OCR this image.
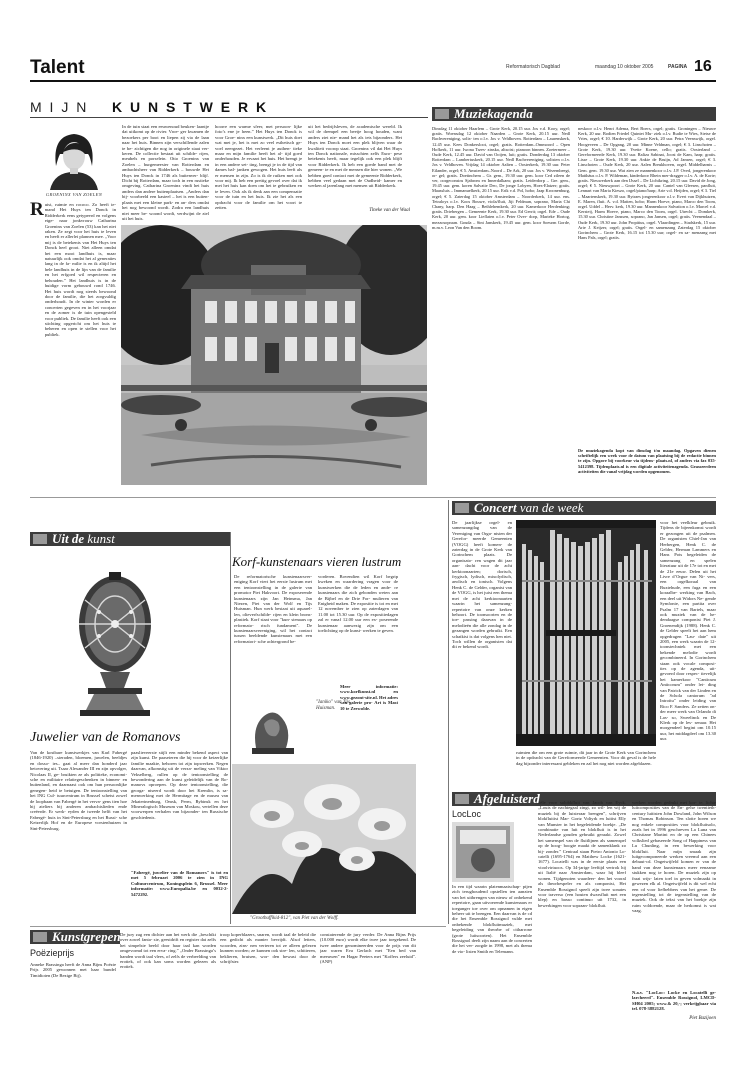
Talent	Reformatorisch Dagblad	maandag 10 oktober 2005	PAGINA 16
M I J N K U N S T W E R K
GROENINX VAN ZOELEN
R uist, ruimte en rococo. Zo heeft ie- mand Het Huys ten Donck in Ridderkerk eens getypeerd en volgens eige- naar jonkvrouw Catharina Groeninx van Zoelen (53) kan het niet raken. Ze zegt voor het huis te leven en heeft er allerlei plannen mee. „Voor mij is de betekenis van Het Huys ten Donck heel groot. Niet alleen omdat het een mooi landhuis is, maar natuurlijk ook omdat het al generaties lang in de fa- milie is en ik altijd het hele landhuis in de lijn van de familie en het erfgoed wil respecteren en behouden.” Het landhuis is in de huidige vorm gebouwd rond 1746. Het huis wordt nog steeds bewoond door de familie, die het zorgvuldig onderhoudt. In de winter worden er concerten gegeven en in het voorjaar en de zomer is de tuin opengesteld voor publiek. De familie heeft ook een stichting opgericht om het huis te beheren en open te stellen voor het publiek.
In de tuin staat een eeuwenoud beuken- laantje dat uitkomt op de rivier. Vroe- ger kwamen de bezoekers per boot en liepen zij via de laan naar het huis. Binnen zijn verschillende zalen te be- zichtigen die nog in originele staat ver- keren. De collectie bestaat uit schilde- rijen, meubels en porselein. Otto Groeninx van Zoelen – burgemeester van Rotterdam en ambachtsheer van Ridderkerk – bouwde Het Huys ten Donck in 1746 als buitenver- blijf. Dicht bij Rotterdam, maar toch in een rustieke omgeving. Catharina Groeninx vindt het huis anders dan andere buitenplaatsen. „Anders dan bij- voorbeeld een kasteel – het is een buiten- plaats met een kleine park- en an- ders omdat het nog bewoond wordt. Zodra een landhuis niet meer be- woond wordt, verdwijnt de ziel uit het huis.
hoorre een warme sfeer, met persoon- lijke foto’s ene je heen.” Het Huys ten Donck is voor Groe- ninx een kunstwerk. „Dit huis doet wat met je, het is met zo veel esthetisch ge- voel neergezet. Het verleent je authen- tieke maar en mijn familie heeft het al- tijd goed onderhouden. Je ervaart het huis. Het brengt je in een andere set- ting, brengt je in de tijd van dames bal- janken gewogen. Het huis leeft als er mensen in zijn. Zo is ik de ruiken met ook voor mij. Ik heb een prettig gevoel over dat ik met het huis kan doen om het te gebruiken en te leven. Ook als ik denk aan een compensatie voor de tuin en het huis. Ik zie het als een opdracht voor de familie om het voort te zetten.
uit het bedrijfsleven, de academische wereld. Ik wil de drempel een beetje hoog houden, want anders ziet nie- mand het als iets bijzonders. Het Huys ten Donck moet een plek blijven waar de kwaliteit voorop staat. Groeninx vil dat Het Huys ten Donck nationale, misschien zelfs Euro- pese betekenis heeft, maar tegelijk ook een plek blijft voor Ridderkerk. Ik heb een goede band met de gemeen- te en met de mensen die hier wonen. „We hebben goed contact met de gemeente Ridderkerk, hebben veel gedaan met de Oudheid- kamer en werken al jarenlang met mensen uit Ridderkerk.
Tineke van der Waal
Muziekagenda
Dinsdag 11 oktober Haarlem – Grote Kerk, 20.15 uur. Jos v.d. Kooy, orgel; gratis. Woensdag 12 oktober Naarden – Grote Kerk, 20.15 uur. Nedl Bachvereniging, solis- ten o.l.v. Jos v. Veldhoven. Rotterdam – Laurenskerk, 12.45 uur. Kees Donkersloot, orgel; gratis. Rotterdam–Ommoord – Open Hofkerk, 11 uur. Iwona Trzes- zinska, altsoist; pianoon binnen. Zoetermeer – Oude Kerk, 12.45 uur. David van Ooijen, luit; gratis. Donderdag 13 oktober Rotterdam – Lambertuskerk, 20.15 uur. Nedl Bachvereniging, solisten o.l.v. Jos v. Veldhoven. Vrijdag 14 oktober Aalten – Oosterkerk, 19.30 uur. Peter Eilander, orgel; € 5. Amsterdam–Noord – De Ark, 20 uur. Jos v. Wezembeegt, or- gel; gratis. Doetinchem – Gr. gem., 19.30 uur. gem. koor Ced zileen de ver, oorgeconstru Sjabrom en Innerdalkam; gratis. Leiderdorp – Gre. gem., 19.45 uur. gem. koren Salvatie Deo, De jonge Lobyen, Hoes-Elatzer; gratis. Maassluis – Immanuelkerk, 20.15 uur. Erik v.d. Pol, hobo; Jaap Kroonenburg, orgel; € 5. Zaterdag 15 oktober Amsterdam – Noorderkerk, 14 uur. ens. Tetraloys o.l.v. Koos Bouwe, viola/fluit, Jiji Feldman, soprano, Maria Chi Chany, harp. Den Haag – Bethlehemkerk, 20 uur. Kamerkoor Herdenking; gratis. Driebergen – Gemeente Kerk, 19.30 uur. Ed Gerrit; orgel. Ede – Oude Kerk, 20 uur. gem. koor Lieflaten o.l.v. Peter Over- dorp, Marieke Hortog, mezzosopraan. Gouda – Sint Janskerk, 19.45 uur. gem. koor Soeurm Gorde, m.m.v. Leon Van den Boom.
neskoor o.l.v. Henri Adema, Bert Boers, orgel; gratis. Groningen – Nieuwe Kerk, 20 uur. Bodien Friedel Quintet Mu- ziek o.l.v. Rudie te Wies, Sietse de Vries, orgel; € 10. Harderwijk – Grote Kerk, 20 uur. Petra Veenswijk, orgel. Hoogeveen – De Opgang, 20 uur. Minne Veldman, orgel; € 3. Linschoten – Grote Kerk, 19.30 uur. Yvette Koene, cello; gratis. Oosterland – Gereformeerde Kerk, 19.30 uur. Raliza Sabinat, Joost de Kam, harp; gratis. Lisse – Grote Kerk, 19.30 uur. Ankie de Bruijn, Ad Jansen, orgel; € 3. Linschoten – Oude Kerk, 20 uur. Aalen Breukhoven, orgel. Middelharnis – Gem. gem. 19.30 uur. Wat zien ze mannenkoor o.l.v. J.P. Oved, jongerenkoor Matthäus o.l.v. P. Wildeman, kinderkoor Rhein mer-dragger o.l.v. A. de Korte; gratis. Nieuwerkerk aan den IJssel – De Lichtkring, 20.15 uur. David de Jong, orgel; € 5. Nieuwpoort – Grote Kerk, 20 uur. Cantel van Gleesen, panfluit, Lennart van Maria Kieszo, orgel/piano/harp; Arie v.d. Heijden, orgel; € 3. Tiel – Maartenskerk, 19.30 uur. Bytraes jongerenkoor o.l.v. Evert van Dijkhuizen, E. Maren, fluit. A. v.d. Matten, hobo; Harm Hoeve, piano, Marco den Toom, orgel. Uddel – Herv. kerk, 19.30 uur. Mannenkoor Salvation o.l.v. Marcel v.d. Kersteij, Harm Hoeve, piano, Marco den Toom, orgel. Utrecht – Domkerk, 15.30 uur. Christine Janssen, soprano, Jan Jansen, orgel; gratis. Veenendaal – Oude Kerk, 19.30 uur. John Propitius, orgel. Vlaardingen – Stadskerk, 15 uur. Arie J. Keijzer, orgel; gratis. Orgel- en samenzang Zaterdag 15 oktober Gorinchem – Grote Kerk, 16.15 tot 15.30 uur; orgel- en sa- menzang met Hans Pals, orgel; gratis.
De muziekagenda kopt van dinsdag t/m maandag. Opgaven dienen schriftelijk een week voor de datum van plaatsing bij de redactie binnen te zijn. Opgave bij voorkeur via tijdens- plaats.nl, of anders via fax 035-5412398. Tijdenplaats.nl is een digitale activiteitenagenda. Geasseerdeen activiteiten die vanaf vrijdag worden opgenomen.
Concert van de week
De jaarlijkse orgel- en samenzangdag van de Vereniging van Orga- nisten der Gerefor- meerde Gemeenten (VOGG) heeft komen- de zaterdag in de Grote Kerk van Gorinchem plaats. De organisato- ren wagen dit jaar aan- dacht voor de acht kerktoonaarten; dorisch, frygisch, lydisch, mixolydisch, aeolisch en ionisch. Volgens Henk C. de Gelder, organist van de VOGG, is het juist een thema met de acht kerktoonaarten waarin het samenzang-repertoire van onze kerken behoort. De toonsoorten en de toe- passing daarvan in de melodieën die alle zondag in de gezangen worden gebruikt. Een schatkist is dat volgens hen niet. Toch willen de organisten dat dit er bekend wordt.
voor het veelkleur gebruik. Tijdens de bijeenkomst wordt er gezongen uit de psalmen. De organisten Chiel-Jan van Herbergen, Henk C. de Gelder, Herman Lammers en Hans Pots begeleiden de samenzang en spelen literatuur uit de 17e tot en met de 21e eeuw. Delen uit het Livre d’Orgue van Ni- vers, een orgelkoraal van Buxtehude, een fuga en een koraalbe- werking van Bach, een deel uit Widors Ne- gende Symfonie, een partita over Psalm 17 van Bartels, maar ook muziek van de he- dendaagse componist Piet J. Groenendijk (1988). Henk C. de Gelder speelt het aan hem opgedragen "Lau- date" uit 2005, een werk waarin de 12- toonstechniek met een bekende melodie wordt gecombineerd. In Gorinchem staan ook vocale composi- ties op de agenda, uit- gevoerd door respec- tievelijk het kamerkoor "Canticum Anticorum" onder lei- ding van Patrick van der Linden en de Schola cantorum "ad Introitu" onder leiding van Rico F. Sanders. Ze zetten on- der meer werk van Orlando di Las- so, Sweelinck en De Klerk op de les- senaar. Het morgendeel begint om 10.15 uur, het middagdeel om 13.30 uur.
ruimten die om een grote ruimte, dit jaar in de Grote Kerk van Gorinchem in de opdracht van de Gereformeerde Gemeenten. Voor dit geval is de hele dag bijzonder interessant gebleken en zal het nog niet worden afgeblazen.
Uit de kunst
Juwelier van de Romanovs
Van de kostbare kunstwerkjes van Karl Fabergé (1846-1920) –sieraden, bloemen, juwelen, beeldjes en dosso- ies– gaat al meer dan honderd jaar betovering uit. Tsaar Alexander III en zijn opvolger, Nicolaas II, ge- bruikten ze als politieke, economi- sche en militaire relatiegeschenken in binnen- en buitenland, en daarnaast ook om hun persoonlijke genegen- heid te betuigen. De tentoonstelling van het ING Cul- tuurcentrum in Brussel schetst zowel de loopbaan van Fabergé in het verva- gens tien hoe hij ateliers bij anderen ambachtslieden ende creëerde. Er werk- eyden de tweede helft van het Fabergé- huis in Sint-Petersburg en het Russi- sche Keizerlijk Hof en de Europese vorstenhuizen in Sint-Petersburg.
paaslieveerste stijlt een minder bekend aspect van zijn kunst. De paaseieren die hij voor de keizerlijke familie maakte, behoren tot zijn topwerken. Negen daarvan, afkomstig uit de verza- meling van Viktor Vekselberg, rullen op de tentoonstelling de bewondering aan de kunst geleidelijk van de Ro- manovs oproepen. Op deze tentoonstelling, die georga- niseerd wordt door het Kremlin, is sa- menwerking met de Hermitage en de musea van Jekaterinenburg, Omsk, Perm, Rybinsk en het Mineralogisch Museum van Moskou, vertellen deze voorwerpen verhalen van bijzonder- ten Russische geschiedenis.
"Fabergé, juwelier van de Romanovs" is tot en met 5 februari 2006 te zien in ING Cultuurcentrum, Koningsplein 6, Brussel. Meer informatie: www.Europalia.be en 0032-2-5472292.
Korf-kunstenaars vieren lustrum
De reformatorische kunstenaarsver- eniging Korf viert het eerste lustrum met een tentoonstelling in de galerie van promotor Piet Hakvoort. De exposerende kunstenaars zijn Jan Heinsma, Jan Niezen, Piet van der Wolf en Tijs Huisman. Hun werk bestaat uit aquarel- len, olieverfschilde- rijen en klein brons- plastiek. Korf staat voor "kun- stenaars op reformato- risch fundament". De kunstenaarsvereniging, wil het contact tussen beeldende kunstenaars met een reformatori- sche achtergrond be-
"Ianiko" van Tijs Huisman.
vorderen. Bovendien wil Korf begrip kweken en waardering vragen voor de kunstwerken die de leden en ande- re kunstenaars die zich gebonden weten aan de Bijbel en de Drie For- mulieren van Enigheid maken. De expositie is tot en met 12 november te zien op zaterdagen van 11.00 tot 15.30 uur. Op de expositiedagen zal er vanaf 12.00 uur een ex- poserende kunstenaar aanwezig zijn om een toelichting op de kunst- werken te geven.
Meer informatie: www.korfkunst.nl en www.gezont-site.nl. Het adres van galerie pro- Art is Mast 10 te Zeewolde.
"Grootbuffikid-812", van Piet van der Wolff.
Afgeluisterd
LocLoc
In een tijd waarin platenmaatschap- pijen zich terughoudend opstellen ten aanzien van het uitbrengen van nieuw of onbekend repertoire, gaan uitvoerende kunstenaars er toeganger toe over om opnamen in eigen beheer uit te brengen. Een daarvan is de cd die het Ensemble Rossignol vulde met onbekende blokfluitmuziek, met begeleiding van theorbe of citharrone (grote luitsoorten). Het Ensemble Rossignol deelt zijn naam aan de concerten die het ver- zorgde in 1998, met als thema de vio- listen Smith en Telemann.
dèle voor solobkfluit van Jacob van Eyck. „Louis de nachtegaal zingt, zo wil- len wij de muziek bij de luisteraar brengen”, schrijven blokfluitist Mar- Gortz Voltyrk en luitist Elly van Munster in het begeleidende boekje. „De combinatie van luit en blokfluit is in het Nederlandse gouden gebruikt geraakt. Zowel het samenspel van de fluitlijnen als samenspel op de hoog- boogte maakt de samenklank zo bij- zonder.” Centraal staan Pietro Antonio Lo- catelli (1695-1764) en Matthew Locke (1621-1677). Locatelli was in de eerste plaats een vioolvirtuoos. Op 34-jarige leeftijd vertrok hij uit Italië naar Amsterdam, waar hij bleef wonen. Tijdgenoten waardeer- den het vooral als theorbespeler en als componist, Het Ensemble Rossignol speelt zijn twee sonates voor traverso (een houten dwarsfluit met een klep) en basso continuo uit 1732, in bewerkingen voor sopraan- blokfluit.
werken worden gedrukt met kor- te, lichte luitcomposities van de En- gelse twentieth-century luitisten John Dowland, John Wilson en Thomas Robinson. Ten slotte horen we nog enkele composities voor blokfluitsolo, zoals het in 1996 geschreven La Luna van Christiane Martini en de op een Chinees volkslied gebaseerde Song of Happiness van Lu Chunling, in een bewerking voor blokfluit. Naar mijn smaak zijn luitgecomponeerde werken vreemd aan een debuut-cd. Ongetwijfeld komen er van de hand van deze kunstenaars meer eenzame stukken nog te horen. De muziek zijn op fraai wijs- laten toel in geven volmaakt in gewezen elk al. Ongetwijfeld is dit wel echt een cd voor liefhebbers van het genre. De tegenstelling tot de tegenstelling van de muziek. Ook de tekst van het boekje zijn ruim voldoende, maar de herkomst is wat vaag.
N.a.v. "LocLoc: Locke en Locatelli ge- larcheerd". Ensemble Rossignol, LMCD-SH04 2005; www.& 20,-; verkrijgbaar via tel. 078-3882128.
Piet Bazijoen
Kunstgrepen
Poëzieprijs
Anneke Brassinga heeft de Anna Bijns Poëzie Prijs 2005 gewonnen met haar bundel Timidioten (De Bezige Bij).
De jury zag een dichter aan het werk die „beschikt over zowel fanta- sie, geestdrift en register dat zelfs het simpelste beeld door haar taal kan worden omgevormd tot een erva- ring.” „Onder Brassinga’s handen wordt taal vlees, of zelfs de verbeelding van erotiek, of ook kan soms worden gelezen als erotiek.
troop koperblazers, snaren, wordt taal de beleid die een gedicht als manier bevrijdt. Alsof letters, woorden, zins- nen verteren tot ze alleen gelezen kunnen worden; ze kunnen ook stre- len, schitteren, beklieren, bruisen, wor- den bewust door de schrijfster.
constaterende de jury verder. De Anna Bijns Prijs (10.000 euro) wordt elke twee jaar toegekend. De twee andere genomineerden voor de prijs van dit jaar waren Eva Gerlach met "Een bed van meeuwen" en Hagar Peeters met "Koffers zeeluid". (ANP)
